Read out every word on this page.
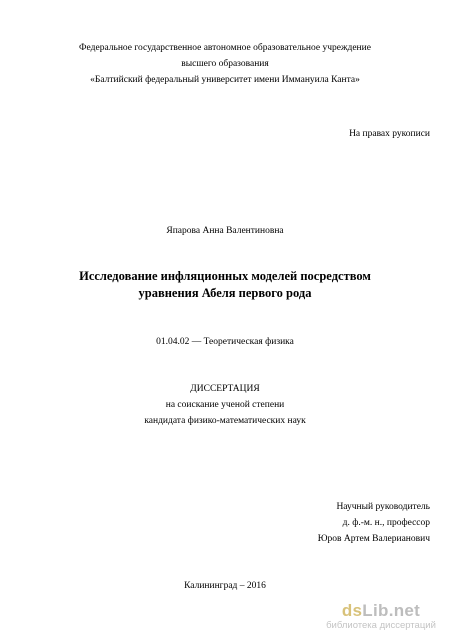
Федеральное государственное автономное образовательное учреждение
высшего образования
«Балтийский федеральный университет имени Иммануила Канта»
На правах рукописи
Япарова Анна Валентиновна
Исследование инфляционных моделей посредством
уравнения Абеля первого рода
01.04.02 — Теоретическая физика
ДИССЕРТАЦИЯ
на соискание ученой степени
кандидата физико-математических наук
Научный руководитель
д. ф.-м. н., профессор
Юров Артем Валерианович
Калининград – 2016
dsLib.net
библиотека диссертаций
